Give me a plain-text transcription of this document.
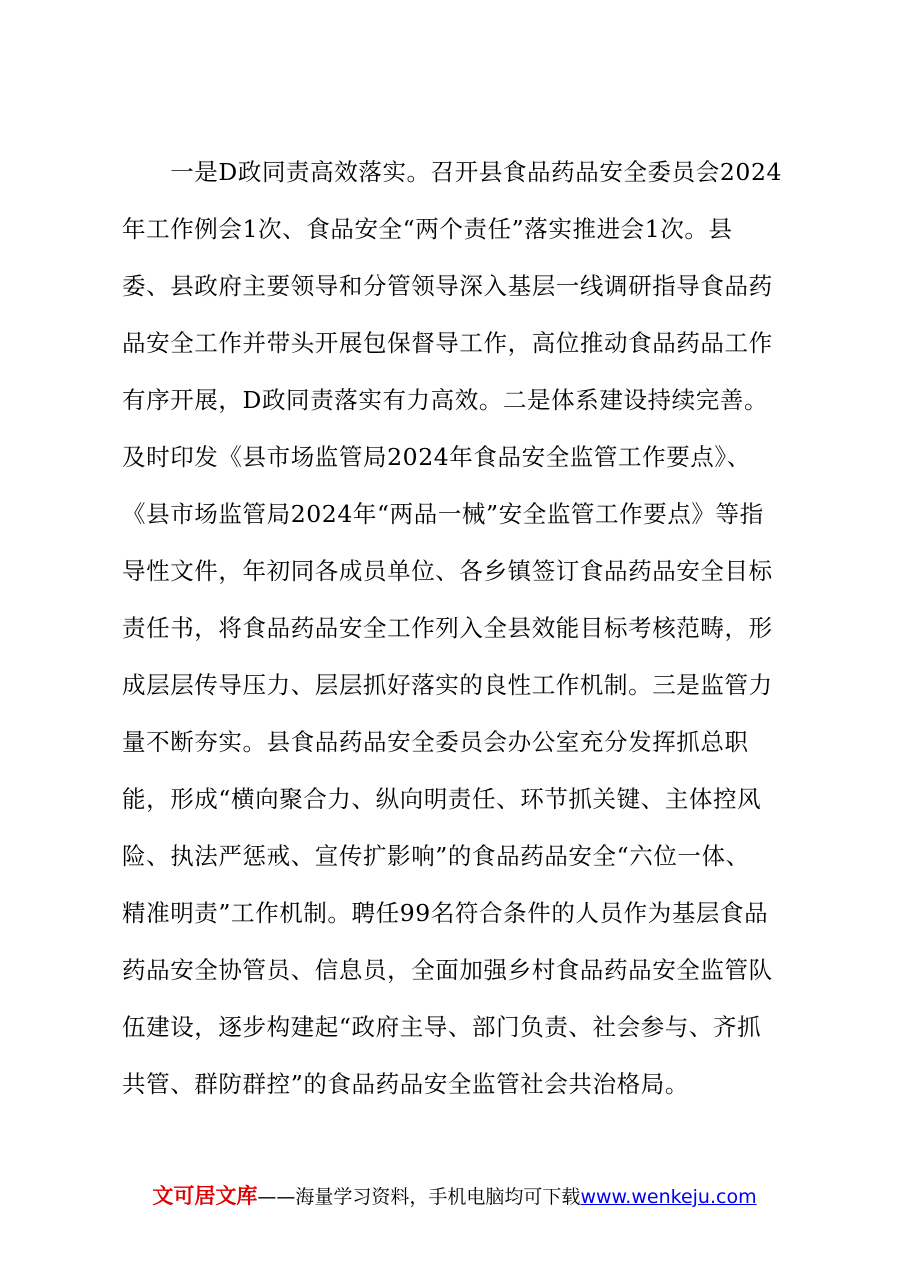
　　一是D政同责高效落实。召开县食品药品安全委员会2024
年工作例会1次、食品安全“两个责任”落实推进会1次。县
委、县政府主要领导和分管领导深入基层一线调研指导食品药
品安全工作并带头开展包保督导工作，高位推动食品药品工作
有序开展，D政同责落实有力高效。二是体系建设持续完善。
及时印发《县市场监管局2024年食品安全监管工作要点》、
《县市场监管局2024年“两品一械”安全监管工作要点》等指
导性文件，年初同各成员单位、各乡镇签订食品药品安全目标
责任书，将食品药品安全工作列入全县效能目标考核范畴，形
成层层传导压力、层层抓好落实的良性工作机制。三是监管力
量不断夯实。县食品药品安全委员会办公室充分发挥抓总职
能，形成“横向聚合力、纵向明责任、环节抓关键、主体控风
险、执法严惩戒、宣传扩影响”的食品药品安全“六位一体、
精准明责”工作机制。聘任99名符合条件的人员作为基层食品
药品安全协管员、信息员，全面加强乡村食品药品安全监管队
伍建设，逐步构建起“政府主导、部门负责、社会参与、齐抓
共管、群防群控”的食品药品安全监管社会共治格局。
文可居文库——海量学习资料，手机电脑均可下载www.wenkeju.com
